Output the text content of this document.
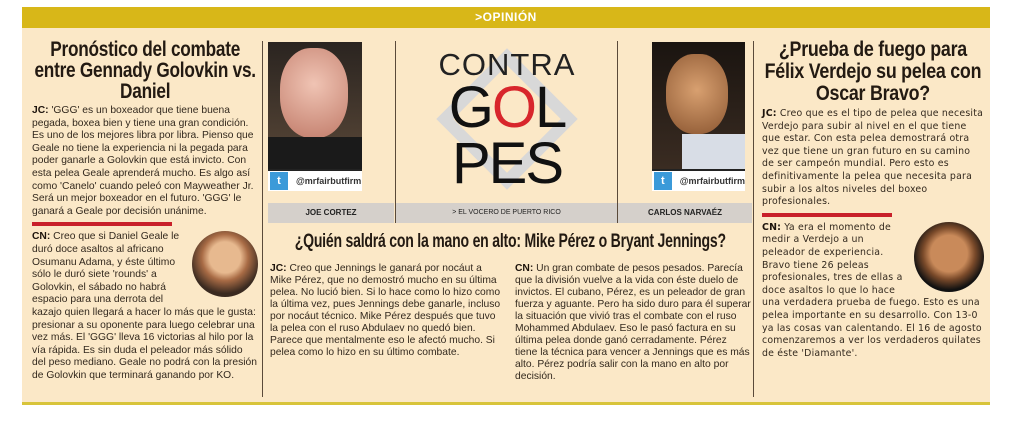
>OPINIÓN
Pronóstico del combate entre Gennady Golovkin vs. Daniel
JC: 'GGG' es un boxeador que tiene buena pegada, boxea bien y tiene una gran condición. Es uno de los mejores libra por libra. Pienso que Geale no tiene la experiencia ni la pegada para poder ganarle a Golovkin que está invicto. Con esta pelea Geale aprenderá mucho. Es algo así como 'Canelo' cuando peleó con Mayweather Jr. Será un mejor boxeador en el futuro. 'GGG' le ganará a Geale por decisión unánime.
CN: Creo que si Daniel Geale le duró doce asaltos al africano Osumanu Adama, y éste último sólo le duró siete 'rounds' a Golovkin, el sábado no habrá espacio para una derrota del kazajo quien llegará a hacer lo más que le gusta: presionar a su oponente para luego celebrar una vez más. El 'GGG' lleva 16 victorias al hilo por la vía rápida. Es sin duda el peleador más sólido del peso mediano. Geale no podrá con la presión de Golovkin que terminará ganando por KO.
t	@mrfairbutfirm
JOE CORTEZ
CONTRA
GOL
PES
> EL VOCERO DE PUERTO RICO
t	@mrfairbutfirm
CARLOS NARVAÉZ
¿Quién saldrá con la mano en alto: Mike Pérez o Bryant Jennings?
JC: Creo que Jennings le ganará por nocáut a Mike Pérez, que no demostró mucho en su última pelea. No lució bien. Si lo hace como lo hizo como la última vez, pues Jennings debe ganarle, incluso por nocáut técnico. Mike Pérez después que tuvo la pelea con el ruso Abdulaev no quedó bien. Parece que mentalmente eso le afectó mucho. Si pelea como lo hizo en su último combate.
CN: Un gran combate de pesos pesados. Parecía que la división vuelve a la vida con éste duelo de invictos. El cubano, Pérez, es un peleador de gran fuerza y aguante. Pero ha sido duro para él superar la situación que vivió tras el combate con el ruso Mohammed Abdulaev. Eso le pasó factura en su última pelea donde ganó cerradamente. Pérez tiene la técnica para vencer a Jennings que es más alto. Pérez podría salir con la mano en alto por decisión.
¿Prueba de fuego para Félix Verdejo su pelea con Oscar Bravo?
JC: Creo que es el tipo de pelea que necesita Verdejo para subir al nivel en el que tiene que estar. Con esta pelea demostrará otra vez que tiene un gran futuro en su camino de ser campeón mundial. Pero esto es definitivamente la pelea que necesita para subir a los altos niveles del boxeo profesionales.
CN: Ya era el momento de medir a Verdejo a un peleador de experiencia. Bravo tiene 26 peleas profesionales, tres de ellas a doce asaltos lo que lo hace una verdadera prueba de fuego. Esto es una pelea importante en su desarrollo. Con 13-0 ya las cosas van calentando. El 16 de agosto comenzaremos a ver los verdaderos quilates de éste 'Diamante'.
